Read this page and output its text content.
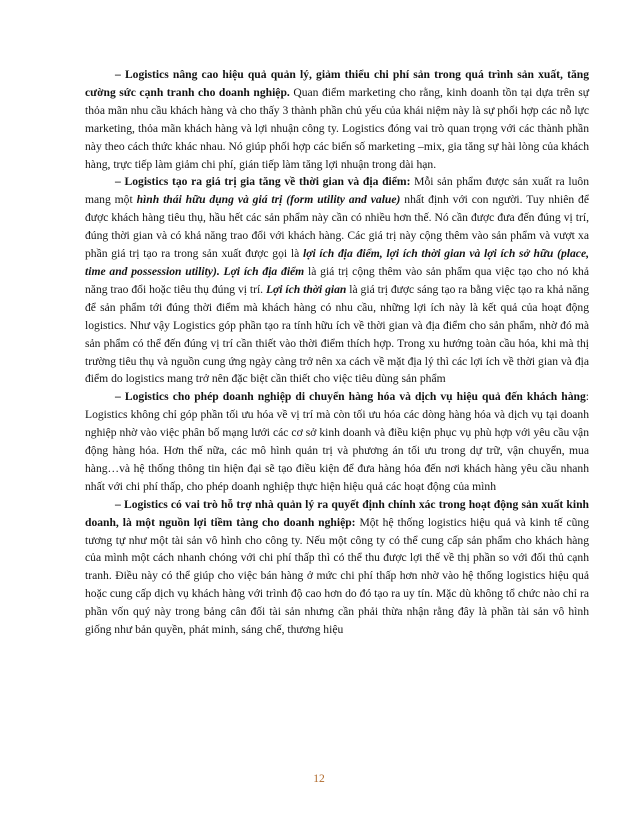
– Logistics nâng cao hiệu quả quản lý, giảm thiểu chi phí sản trong quá trình sản xuất, tăng cường sức cạnh tranh cho doanh nghiệp. Quan điểm marketing cho rằng, kinh doanh tồn tại dựa trên sự thỏa mãn nhu cầu khách hàng và cho thấy 3 thành phần chủ yếu của khái niệm này là sự phối hợp các nỗ lực marketing, thỏa mãn khách hàng và lợi nhuận công ty. Logistics đóng vai trò quan trọng với các thành phần này theo cách thức khác nhau. Nó giúp phối hợp các biến số marketing –mix, gia tăng sự hài lòng của khách hàng, trực tiếp làm giảm chi phí, gián tiếp làm tăng lợi nhuận trong dài hạn.

– Logistics tạo ra giá trị gia tăng về thời gian và địa điểm: Mỗi sản phẩm được sản xuất ra luôn mang một hình thái hữu dụng và giá trị (form utility and value) nhất định với con người. Tuy nhiên để được khách hàng tiêu thụ, hầu hết các sản phẩm này cần có nhiều hơn thế. Nó cần được đưa đến đúng vị trí, đúng thời gian và có khả năng trao đổi với khách hàng. Các giá trị này cộng thêm vào sản phẩm và vượt xa phần giá trị tạo ra trong sản xuất được gọi là lợi ích địa điểm, lợi ích thời gian và lợi ích sở hữu (place, time and possession utility). Lợi ích địa điểm là giá trị cộng thêm vào sản phẩm qua việc tạo cho nó khả năng trao đổi hoặc tiêu thụ đúng vị trí. Lợi ích thời gian là giá trị được sáng tạo ra bằng việc tạo ra khả năng để sản phẩm tới đúng thời điểm mà khách hàng có nhu cầu, những lợi ích này là kết quả của hoạt động logistics. Như vậy Logistics góp phần tạo ra tính hữu ích về thời gian và địa điểm cho sản phẩm, nhờ đó mà sản phẩm có thể đến đúng vị trí cần thiết vào thời điểm thích hợp. Trong xu hướng toàn cầu hóa, khi mà thị trường tiêu thụ và nguồn cung ứng ngày càng trở nên xa cách về mặt địa lý thì các lợi ích về thời gian và địa điểm do logistics mang trở nên đặc biệt cần thiết cho việc tiêu dùng sản phẩm

– Logistics cho phép doanh nghiệp di chuyển hàng hóa và dịch vụ hiệu quả đến khách hàng: Logistics không chỉ góp phần tối ưu hóa về vị trí mà còn tối ưu hóa các dòng hàng hóa và dịch vụ tại doanh nghiệp nhờ vào việc phân bố mạng lưới các cơ sở kinh doanh và điều kiện phục vụ phù hợp với yêu cầu vận động hàng hóa. Hơn thế nữa, các mô hình quản trị và phương án tối ưu trong dự trữ, vận chuyển, mua hàng…và hệ thống thông tin hiện đại sẽ tạo điều kiện để đưa hàng hóa đến nơi khách hàng yêu cầu nhanh nhất với chi phí thấp, cho phép doanh nghiệp thực hiện hiệu quả các hoạt động của mình

– Logistics có vai trò hỗ trợ nhà quản lý ra quyết định chính xác trong hoạt động sản xuất kinh doanh, là một nguồn lợi tiềm tàng cho doanh nghiệp: Một hệ thống logistics hiệu quả và kinh tế cũng tương tự như một tài sản vô hình cho công ty. Nếu một công ty có thể cung cấp sản phẩm cho khách hàng của mình một cách nhanh chóng với chi phí thấp thì có thể thu được lợi thế về thị phần so với đối thủ cạnh tranh. Điều này có thể giúp cho việc bán hàng ở mức chi phí thấp hơn nhờ vào hệ thống logistics hiệu quả hoặc cung cấp dịch vụ khách hàng với trình độ cao hơn do đó tạo ra uy tín. Mặc dù không tổ chức nào chỉ ra phần vốn quý này trong bảng cân đối tài sản nhưng cần phải thừa nhận rằng đây là phần tài sản vô hình giống như bản quyền, phát minh, sáng chế, thương hiệu

12
